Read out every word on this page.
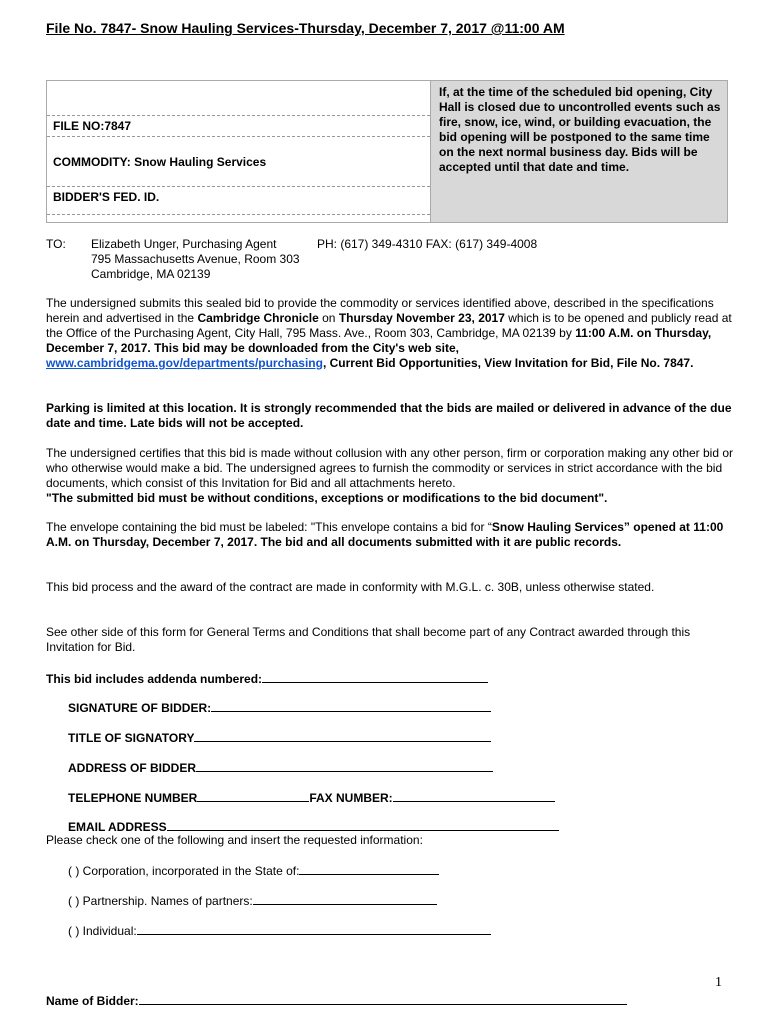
File No. 7847- Snow Hauling Services-Thursday, December 7, 2017 @11:00 AM
FILE NO:7847
COMMODITY: Snow Hauling Services
BIDDER'S FED. ID.
If, at the time of the scheduled bid opening, City Hall is closed due to uncontrolled events such as fire, snow, ice, wind, or building evacuation, the bid opening will be postponed to the same time on the next normal business day. Bids will be accepted until that date and time.
TO: Elizabeth Unger, Purchasing Agent	PH: (617) 349-4310 FAX: (617) 349-4008
795 Massachusetts Avenue, Room 303
Cambridge, MA 02139

The undersigned submits this sealed bid to provide the commodity or services identified above, described in the specifications herein and advertised in the Cambridge Chronicle on Thursday November 23, 2017 which is to be opened and publicly read at the Office of the Purchasing Agent, City Hall, 795 Mass. Ave., Room 303, Cambridge, MA 02139 by 11:00 A.M. on Thursday, December 7, 2017. This bid may be downloaded from the City's web site, www.cambridgema.gov/departments/purchasing, Current Bid Opportunities, View Invitation for Bid, File No. 7847.

Parking is limited at this location. It is strongly recommended that the bids are mailed or delivered in advance of the due date and time. Late bids will not be accepted.

The undersigned certifies that this bid is made without collusion with any other person, firm or corporation making any other bid or who otherwise would make a bid. The undersigned agrees to furnish the commodity or services in strict accordance with the bid documents, which consist of this Invitation for Bid and all attachments hereto.
"The submitted bid must be without conditions, exceptions or modifications to the bid document".

The envelope containing the bid must be labeled: "This envelope contains a bid for “Snow Hauling Services” opened at 11:00 A.M. on Thursday, December 7, 2017. The bid and all documents submitted with it are public records.

This bid process and the award of the contract are made in conformity with M.G.L. c. 30B, unless otherwise stated.

See other side of this form for General Terms and Conditions that shall become part of any Contract awarded through this Invitation for Bid.

This bid includes addenda numbered:
SIGNATURE OF BIDDER:
TITLE OF SIGNATORY
ADDRESS OF BIDDER
TELEPHONE NUMBER	FAX NUMBER:
EMAIL ADDRESS
Please check one of the following and insert the requested information:
( ) Corporation, incorporated in the State of:
( ) Partnership. Names of partners:
( ) Individual:
1
Name of Bidder:
